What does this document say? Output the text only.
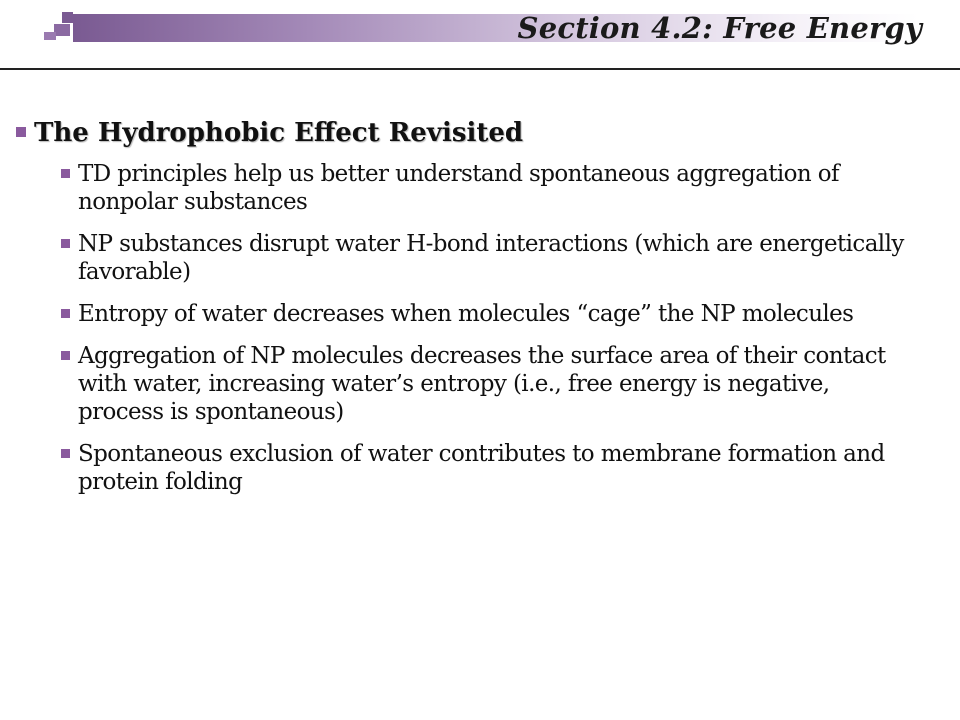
Section 4.2: Free Energy
The Hydrophobic Effect Revisited
TD principles help us better understand spontaneous aggregation of nonpolar substances
NP substances disrupt water H-bond interactions (which are energetically favorable)
Entropy of water decreases when molecules “cage” the NP molecules
Aggregation of NP molecules decreases the surface area of their contact with water, increasing water’s entropy (i.e., free energy is negative, process is spontaneous)
Spontaneous exclusion of water contributes to membrane formation and protein folding
